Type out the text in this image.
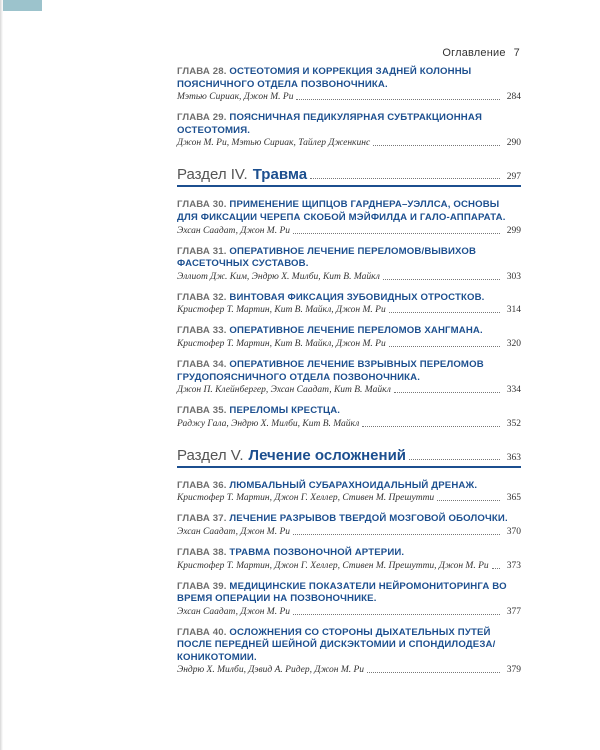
Оглавление 7
ГЛАВА 28. ОСТЕОТОМИЯ И КОРРЕКЦИЯ ЗАДНЕЙ КОЛОННЫ ПОЯСНИЧНОГО ОТДЕЛА ПОЗВОНОЧНИКА.
Мэтью Сириак, Джон М. Ри	284
ГЛАВА 29. ПОЯСНИЧНАЯ ПЕДИКУЛЯРНАЯ СУБТРАКЦИОННАЯ ОСТЕОТОМИЯ.
Джон М. Ри, Мэтью Сириак, Тайлер Дженкинс	290
Раздел IV. Травма	297
ГЛАВА 30. ПРИМЕНЕНИЕ ЩИПЦОВ ГАРДНЕРА–УЭЛЛСА, ОСНОВЫ ДЛЯ ФИКСАЦИИ ЧЕРЕПА СКОБОЙ МЭЙФИЛДА И ГАЛО-АППАРАТА.
Эхсан Саадат, Джон М. Ри	299
ГЛАВА 31. ОПЕРАТИВНОЕ ЛЕЧЕНИЕ ПЕРЕЛОМОВ/ВЫВИХОВ ФАСЕТОЧНЫХ СУСТАВОВ.
Эллиот Дж. Ким, Эндрю Х. Милби, Кит В. Майкл	303
ГЛАВА 32. ВИНТОВАЯ ФИКСАЦИЯ ЗУБОВИДНЫХ ОТРОСТКОВ.
Кристофер Т. Мартин, Кит В. Майкл, Джон М. Ри	314
ГЛАВА 33. ОПЕРАТИВНОЕ ЛЕЧЕНИЕ ПЕРЕЛОМОВ ХАНГМАНА.
Кристофер Т. Мартин, Кит В. Майкл, Джон М. Ри	320
ГЛАВА 34. ОПЕРАТИВНОЕ ЛЕЧЕНИЕ ВЗРЫВНЫХ ПЕРЕЛОМОВ ГРУДОПОЯСНИЧНОГО ОТДЕЛА ПОЗВОНОЧНИКА.
Джон П. Клейнбергер, Эхсан Саадат, Кит В. Майкл	334
ГЛАВА 35. ПЕРЕЛОМЫ КРЕСТЦА.
Раджу Гала, Эндрю Х. Милби, Кит В. Майкл	352
Раздел V. Лечение осложнений	363
ГЛАВА 36. ЛЮМБАЛЬНЫЙ СУБАРАХНОИДАЛЬНЫЙ ДРЕНАЖ.
Кристофер Т. Мартин, Джон Г. Хеллер, Стивен М. Прешутти	365
ГЛАВА 37. ЛЕЧЕНИЕ РАЗРЫВОВ ТВЕРДОЙ МОЗГОВОЙ ОБОЛОЧКИ.
Эхсан Саадат, Джон М. Ри	370
ГЛАВА 38. ТРАВМА ПОЗВОНОЧНОЙ АРТЕРИИ.
Кристофер Т. Мартин, Джон Г. Хеллер, Стивен М. Прешутти, Джон М. Ри	373
ГЛАВА 39. МЕДИЦИНСКИЕ ПОКАЗАТЕЛИ НЕЙРОМОНИТОРИНГА ВО ВРЕМЯ ОПЕРАЦИИ НА ПОЗВОНОЧНИКЕ.
Эхсан Саадат, Джон М. Ри	377
ГЛАВА 40. ОСЛОЖНЕНИЯ СО СТОРОНЫ ДЫХАТЕЛЬНЫХ ПУТЕЙ ПОСЛЕ ПЕРЕДНЕЙ ШЕЙНОЙ ДИСКЭКТОМИИ И СПОНДИЛОДЕЗА/ КОНИКОТОМИИ.
Эндрю Х. Милби, Дэвид А. Ридер, Джон М. Ри	379
